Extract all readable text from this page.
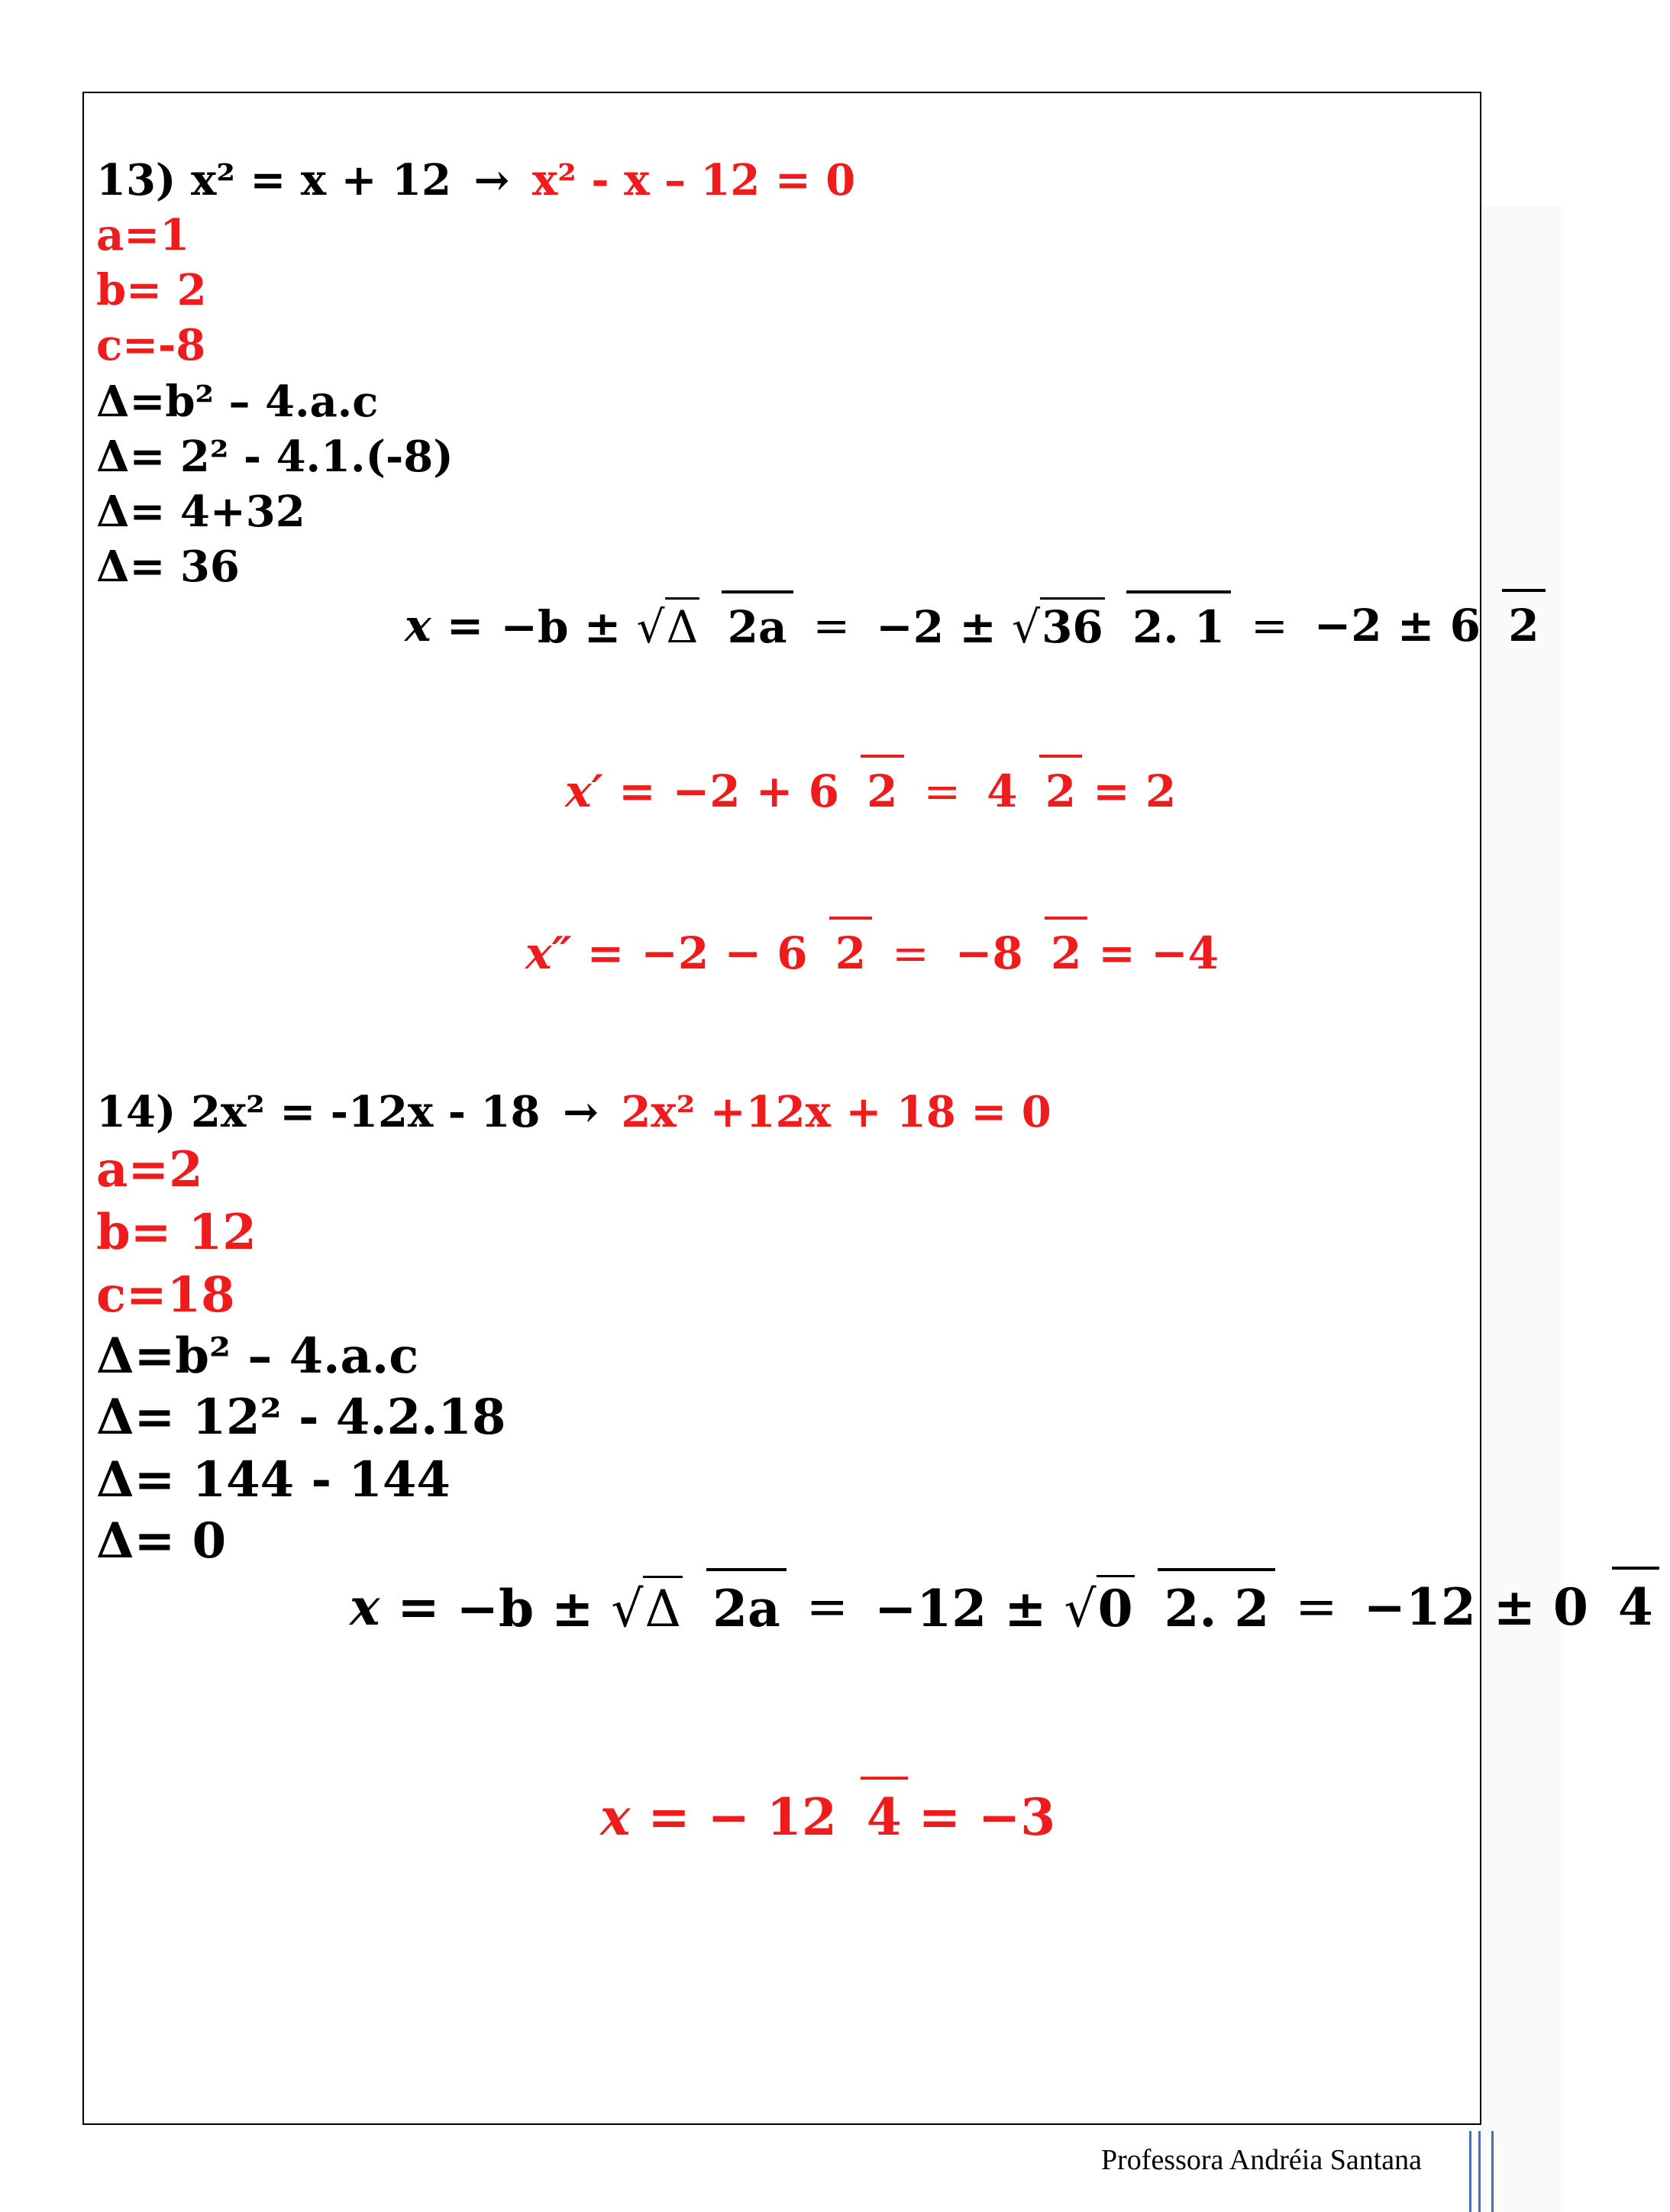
13) x² = x + 12 → x² - x – 12 = 0
a=1
b= 2
c=-8
Δ=b² – 4.a.c
Δ= 2² - 4.1.(-8)
Δ= 4+32
Δ= 36
x = −b ± √ Δ 2a = −2 ± √ 36 2. 1 = −2 ± 6 2
x′ = −2 + 6 2 = 4 2 = 2
x″ = −2 − 6 2 = −8 2 = −4
14) 2x² = -12x - 18 → 2x² +12x + 18 = 0
a=2
b= 12
c=18
Δ=b² – 4.a.c
Δ= 12² - 4.2.18
Δ= 144 - 144
Δ= 0
x = −b ± √ Δ 2a = −12 ± √ 0 2. 2 = −12 ± 0 4
x = − 12 4 = −3
Professora Andréia Santana
